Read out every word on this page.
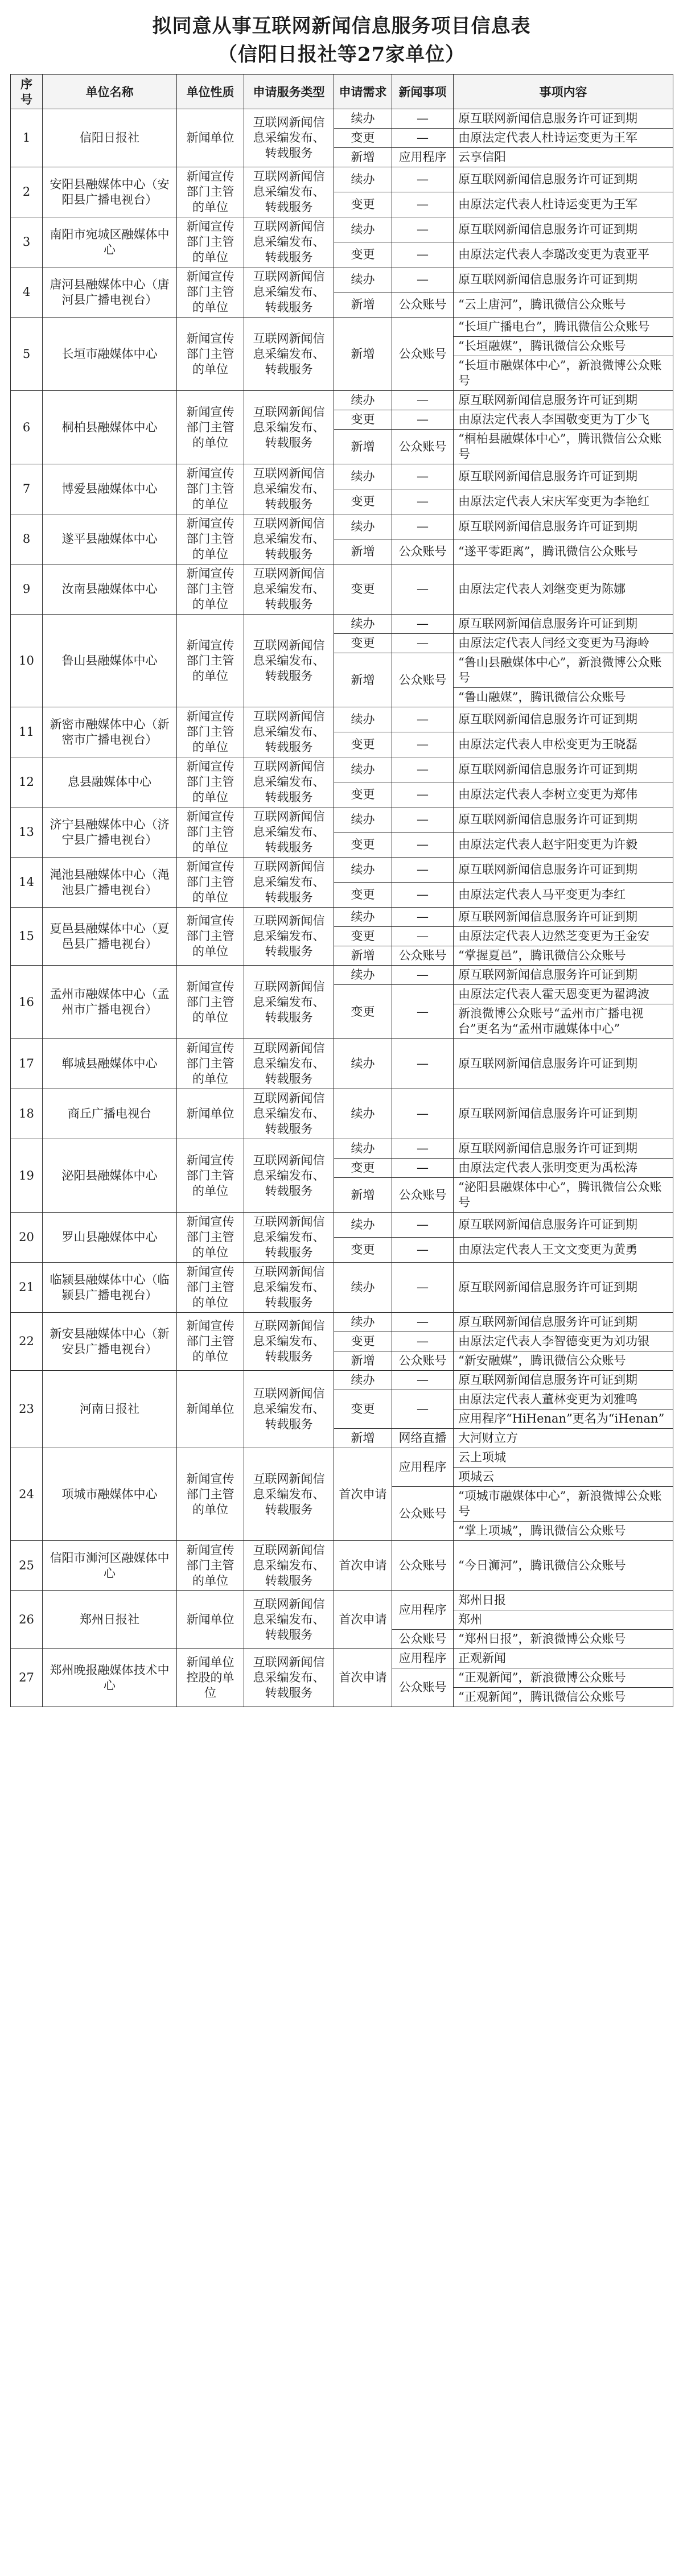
拟同意从事互联网新闻信息服务项目信息表
（信阳日报社等27家单位）
序号	单位名称	单位性质	申请服务类型	申请需求	新闻事项	事项内容
1	信阳日报社	新闻单位	互联网新闻信息采编发布、转载服务	续办	—	原互联网新闻信息服务许可证到期
				变更	—	由原法定代表人杜诗运变更为王军
				新增	应用程序	云享信阳
2	安阳县融媒体中心（安阳县广播电视台）	新闻宣传部门主管的单位	互联网新闻信息采编发布、转载服务	续办	—	原互联网新闻信息服务许可证到期
				变更	—	由原法定代表人杜诗运变更为王军
3	南阳市宛城区融媒体中心	新闻宣传部门主管的单位	互联网新闻信息采编发布、转载服务	续办	—	原互联网新闻信息服务许可证到期
				变更	—	由原法定代表人李璐改变更为袁亚平
4	唐河县融媒体中心（唐河县广播电视台）	新闻宣传部门主管的单位	互联网新闻信息采编发布、转载服务	续办	—	原互联网新闻信息服务许可证到期
				新增	公众账号	“云上唐河”，腾讯微信公众账号
5	长垣市融媒体中心	新闻宣传部门主管的单位	互联网新闻信息采编发布、转载服务	新增	公众账号	“长垣广播电台”，腾讯微信公众账号
						“长垣融媒”，腾讯微信公众账号
						“长垣市融媒体中心”，新浪微博公众账号
6	桐柏县融媒体中心	新闻宣传部门主管的单位	互联网新闻信息采编发布、转载服务	续办	—	原互联网新闻信息服务许可证到期
				变更	—	由原法定代表人李国敬变更为丁少飞
				新增	公众账号	“桐柏县融媒体中心”，腾讯微信公众账号
7	博爱县融媒体中心	新闻宣传部门主管的单位	互联网新闻信息采编发布、转载服务	续办	—	原互联网新闻信息服务许可证到期
				变更	—	由原法定代表人宋庆军变更为李艳红
8	遂平县融媒体中心	新闻宣传部门主管的单位	互联网新闻信息采编发布、转载服务	续办	—	原互联网新闻信息服务许可证到期
				新增	公众账号	“遂平零距离”，腾讯微信公众账号
9	汝南县融媒体中心	新闻宣传部门主管的单位	互联网新闻信息采编发布、转载服务	变更	—	由原法定代表人刘继变更为陈娜
10	鲁山县融媒体中心	新闻宣传部门主管的单位	互联网新闻信息采编发布、转载服务	续办	—	原互联网新闻信息服务许可证到期
				变更	—	由原法定代表人闫经文变更为马海岭
				新增	公众账号	“鲁山县融媒体中心”，新浪微博公众账号
						“鲁山融媒”，腾讯微信公众账号
11	新密市融媒体中心（新密市广播电视台）	新闻宣传部门主管的单位	互联网新闻信息采编发布、转载服务	续办	—	原互联网新闻信息服务许可证到期
				变更	—	由原法定代表人申松变更为王晓磊
12	息县融媒体中心	新闻宣传部门主管的单位	互联网新闻信息采编发布、转载服务	续办	—	原互联网新闻信息服务许可证到期
				变更	—	由原法定代表人李树立变更为郑伟
13	济宁县融媒体中心（济宁县广播电视台）	新闻宣传部门主管的单位	互联网新闻信息采编发布、转载服务	续办	—	原互联网新闻信息服务许可证到期
				变更	—	由原法定代表人赵宇阳变更为许毅
14	渑池县融媒体中心（渑池县广播电视台）	新闻宣传部门主管的单位	互联网新闻信息采编发布、转载服务	续办	—	原互联网新闻信息服务许可证到期
				变更	—	由原法定代表人马平变更为李红
15	夏邑县融媒体中心（夏邑县广播电视台）	新闻宣传部门主管的单位	互联网新闻信息采编发布、转载服务	续办	—	原互联网新闻信息服务许可证到期
				变更	—	由原法定代表人边然芝变更为王金安
				新增	公众账号	“掌握夏邑”，腾讯微信公众账号
16	孟州市融媒体中心（孟州市广播电视台）	新闻宣传部门主管的单位	互联网新闻信息采编发布、转载服务	续办	—	原互联网新闻信息服务许可证到期
				变更	—	由原法定代表人霍天恩变更为翟鸿波
						新浪微博公众账号“孟州市广播电视台”更名为“孟州市融媒体中心”
17	郸城县融媒体中心	新闻宣传部门主管的单位	互联网新闻信息采编发布、转载服务	续办	—	原互联网新闻信息服务许可证到期
18	商丘广播电视台	新闻单位	互联网新闻信息采编发布、转载服务	续办	—	原互联网新闻信息服务许可证到期
19	泌阳县融媒体中心	新闻宣传部门主管的单位	互联网新闻信息采编发布、转载服务	续办	—	原互联网新闻信息服务许可证到期
				变更	—	由原法定代表人张明变更为禹松涛
				新增	公众账号	“泌阳县融媒体中心”，腾讯微信公众账号
20	罗山县融媒体中心	新闻宣传部门主管的单位	互联网新闻信息采编发布、转载服务	续办	—	原互联网新闻信息服务许可证到期
				变更	—	由原法定代表人王文文变更为黄勇
21	临颍县融媒体中心（临颍县广播电视台）	新闻宣传部门主管的单位	互联网新闻信息采编发布、转载服务	续办	—	原互联网新闻信息服务许可证到期
22	新安县融媒体中心（新安县广播电视台）	新闻宣传部门主管的单位	互联网新闻信息采编发布、转载服务	续办	—	原互联网新闻信息服务许可证到期
				变更	—	由原法定代表人李智德变更为刘功银
				新增	公众账号	“新安融媒”，腾讯微信公众账号
23	河南日报社	新闻单位	互联网新闻信息采编发布、转载服务	续办	—	原互联网新闻信息服务许可证到期
				变更	—	由原法定代表人董林变更为刘雅鸣
						应用程序“HiHenan”更名为“iHenan”
				新增	网络直播	大河财立方
24	项城市融媒体中心	新闻宣传部门主管的单位	互联网新闻信息采编发布、转载服务	首次申请	应用程序	云上项城
						项城云
					公众账号	“项城市融媒体中心”，新浪微博公众账号
						“掌上项城”，腾讯微信公众账号
25	信阳市浉河区融媒体中心	新闻宣传部门主管的单位	互联网新闻信息采编发布、转载服务	首次申请	公众账号	“今日浉河”，腾讯微信公众账号
26	郑州日报社	新闻单位	互联网新闻信息采编发布、转载服务	首次申请	应用程序	郑州日报
						郑州
					公众账号	“郑州日报”，新浪微博公众账号
27	郑州晚报融媒体技术中心	新闻单位控股的单位	互联网新闻信息采编发布、转载服务	首次申请	应用程序	正观新闻
					公众账号	“正观新闻”，新浪微博公众账号
						“正观新闻”，腾讯微信公众账号
